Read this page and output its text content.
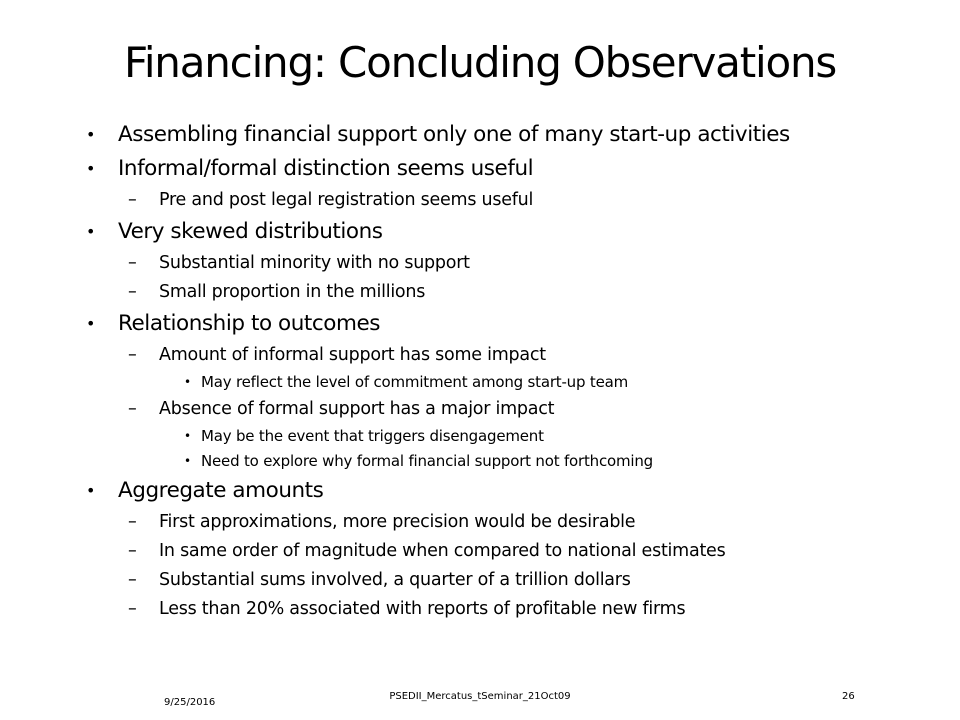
Financing: Concluding Observations
• Assembling financial support only one of many start-up activities
• Informal/formal distinction seems useful
– Pre and post legal registration seems useful
• Very skewed distributions
– Substantial minority with no support
– Small proportion in the millions
• Relationship to outcomes
– Amount of informal support has some impact
• May reflect the level of commitment among start-up team
– Absence of formal support has a major impact
• May be the event that triggers disengagement
• Need to explore why formal financial support not forthcoming
• Aggregate amounts
– First approximations, more precision would be desirable
– In same order of magnitude when compared to national estimates
– Substantial sums involved, a quarter of a trillion dollars
– Less than 20% associated with reports of profitable new firms
9/25/2016
PSEDII_Mercatus_tSeminar_21Oct09	26
